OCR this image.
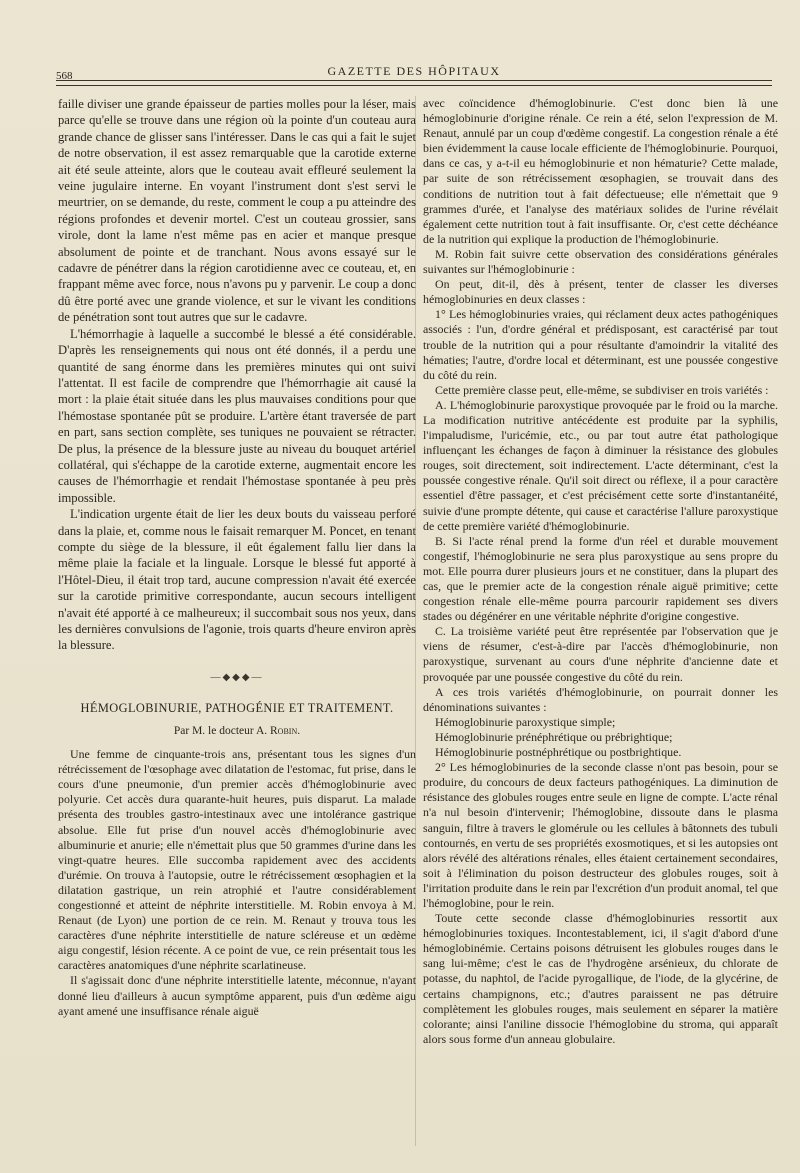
568	GAZETTE DES HÔPITAUX

faille diviser une grande épaisseur de parties molles pour la léser, mais parce qu'elle se trouve dans une région où la pointe d'un couteau aura grande chance de glisser sans l'intéresser. Dans le cas qui a fait le sujet de notre observation, il est assez remarquable que la carotide externe ait été seule atteinte, alors que le couteau avait effleuré seulement la veine jugulaire interne. En voyant l'instrument dont s'est servi le meurtrier, on se demande, du reste, comment le coup a pu atteindre des régions profondes et devenir mortel. C'est un couteau grossier, sans virole, dont la lame n'est même pas en acier et manque presque absolument de pointe et de tranchant. Nous avons essayé sur le cadavre de pénétrer dans la région carotidienne avec ce couteau, et, en frappant même avec force, nous n'avons pu y parvenir. Le coup a donc dû être porté avec une grande violence, et sur le vivant les conditions de pénétration sont tout autres que sur le cadavre.

L'hémorrhagie à laquelle a succombé le blessé a été considérable. D'après les renseignements qui nous ont été donnés, il a perdu une quantité de sang énorme dans les premières minutes qui ont suivi l'attentat. Il est facile de comprendre que l'hémorrhagie ait causé la mort : la plaie était située dans les plus mauvaises conditions pour que l'hémostase spontanée pût se produire. L'artère étant traversée de part en part, sans section complète, ses tuniques ne pouvaient se rétracter. De plus, la présence de la blessure juste au niveau du bouquet artériel collatéral, qui s'échappe de la carotide externe, augmentait encore les causes de l'hémorrhagie et rendait l'hémostase spontanée à peu près impossible.

L'indication urgente était de lier les deux bouts du vaisseau perforé dans la plaie, et, comme nous le faisait remarquer M. Poncet, en tenant compte du siège de la blessure, il eût également fallu lier dans la même plaie la faciale et la linguale. Lorsque le blessé fut apporté à l'Hôtel-Dieu, il était trop tard, aucune compression n'avait été exercée sur la carotide primitive correspondante, aucun secours intelligent n'avait été apporté à ce malheureux; il succombait sous nos yeux, dans les dernières convulsions de l'agonie, trois quarts d'heure environ après la blessure.

—◆◆◆—
HÉMOGLOBINURIE, PATHOGÉNIE ET TRAITEMENT.
Par M. le docteur A. Robin.

Une femme de cinquante-trois ans, présentant tous les signes d'un rétrécissement de l'œsophage avec dilatation de l'estomac, fut prise, dans le cours d'une pneumonie, d'un premier accès d'hémoglobinurie avec polyurie. Cet accès dura quarante-huit heures, puis disparut. La malade présenta des troubles gastro-intestinaux avec une intolérance gastrique absolue. Elle fut prise d'un nouvel accès d'hémoglobinurie avec albuminurie et anurie; elle n'émettait plus que 50 grammes d'urine dans les vingt-quatre heures. Elle succomba rapidement avec des accidents d'urémie. On trouva à l'autopsie, outre le rétrécissement œsophagien et la dilatation gastrique, un rein atrophié et l'autre considérablement congestionné et atteint de néphrite interstitielle. M. Robin envoya à M. Renaut (de Lyon) une portion de ce rein. M. Renaut y trouva tous les caractères d'une néphrite interstitielle de nature scléreuse et un œdème aigu congestif, lésion récente. A ce point de vue, ce rein présentait tous les caractères anatomiques d'une néphrite scarlatineuse.

Il s'agissait donc d'une néphrite interstitielle latente, méconnue, n'ayant donné lieu d'ailleurs à aucun symptôme apparent, puis d'un œdème aigu ayant amené une insuffisance rénale aiguë

avec coïncidence d'hémoglobinurie. C'est donc bien là une hémoglobinurie d'origine rénale. Ce rein a été, selon l'expression de M. Renaut, annulé par un coup d'œdème congestif. La congestion rénale a été bien évidemment la cause locale efficiente de l'hémoglobinurie. Pourquoi, dans ce cas, y a-t-il eu hémoglobinurie et non hématurie? Cette malade, par suite de son rétrécissement œsophagien, se trouvait dans des conditions de nutrition tout à fait défectueuse; elle n'émettait que 9 grammes d'urée, et l'analyse des matériaux solides de l'urine révélait également cette nutrition tout à fait insuffisante. Or, c'est cette déchéance de la nutrition qui explique la production de l'hémoglobinurie.

M. Robin fait suivre cette observation des considérations générales suivantes sur l'hémoglobinurie :

On peut, dit-il, dès à présent, tenter de classer les diverses hémoglobinuries en deux classes :

1° Les hémoglobinuries vraies, qui réclament deux actes pathogéniques associés : l'un, d'ordre général et prédisposant, est caractérisé par tout trouble de la nutrition qui a pour résultante d'amoindrir la vitalité des hématies; l'autre, d'ordre local et déterminant, est une poussée congestive du côté du rein.

Cette première classe peut, elle-même, se subdiviser en trois variétés :

A. L'hémoglobinurie paroxystique provoquée par le froid ou la marche. La modification nutritive antécédente est produite par la syphilis, l'impaludisme, l'uricémie, etc., ou par tout autre état pathologique influençant les échanges de façon à diminuer la résistance des globules rouges, soit directement, soit indirectement. L'acte déterminant, c'est la poussée congestive rénale. Qu'il soit direct ou réflexe, il a pour caractère essentiel d'être passager, et c'est précisément cette sorte d'instantanéité, suivie d'une prompte détente, qui cause et caractérise l'allure paroxystique de cette première variété d'hémoglobinurie.

B. Si l'acte rénal prend la forme d'un réel et durable mouvement congestif, l'hémoglobinurie ne sera plus paroxystique au sens propre du mot. Elle pourra durer plusieurs jours et ne constituer, dans la plupart des cas, que le premier acte de la congestion rénale aiguë primitive; cette congestion rénale elle-même pourra parcourir rapidement ses divers stades ou dégénérer en une véritable néphrite d'origine congestive.

C. La troisième variété peut être représentée par l'observation que je viens de résumer, c'est-à-dire par l'accès d'hémoglobinurie, non paroxystique, survenant au cours d'une néphrite d'ancienne date et provoquée par une poussée congestive du côté du rein.

A ces trois variétés d'hémoglobinurie, on pourrait donner les dénominations suivantes :

Hémoglobinurie paroxystique simple;

Hémoglobinurie prénéphrétique ou prébrightique;

Hémoglobinurie postnéphrétique ou postbrightique.

2° Les hémoglobinuries de la seconde classe n'ont pas besoin, pour se produire, du concours de deux facteurs pathogéniques. La diminution de résistance des globules rouges entre seule en ligne de compte. L'acte rénal n'a nul besoin d'intervenir; l'hémoglobine, dissoute dans le plasma sanguin, filtre à travers le glomérule ou les cellules à bâtonnets des tubuli contournés, en vertu de ses propriétés exosmotiques, et si les autopsies ont alors révélé des altérations rénales, elles étaient certainement secondaires, soit à l'élimination du poison destructeur des globules rouges, soit à l'irritation produite dans le rein par l'excrétion d'un produit anomal, tel que l'hémoglobine, pour le rein.

Toute cette seconde classe d'hémoglobinuries ressortit aux hémoglobinuries toxiques. Incontestablement, ici, il s'agit d'abord d'une hémoglobinémie. Certains poisons détruisent les globules rouges dans le sang lui-même; c'est le cas de l'hydrogène arsénieux, du chlorate de potasse, du naphtol, de l'acide pyrogallique, de l'iode, de la glycérine, de certains champignons, etc.; d'autres paraissent ne pas détruire complètement les globules rouges, mais seulement en séparer la matière colorante; ainsi l'aniline dissocie l'hémoglobine du stroma, qui apparaît alors sous forme d'un anneau globulaire.
